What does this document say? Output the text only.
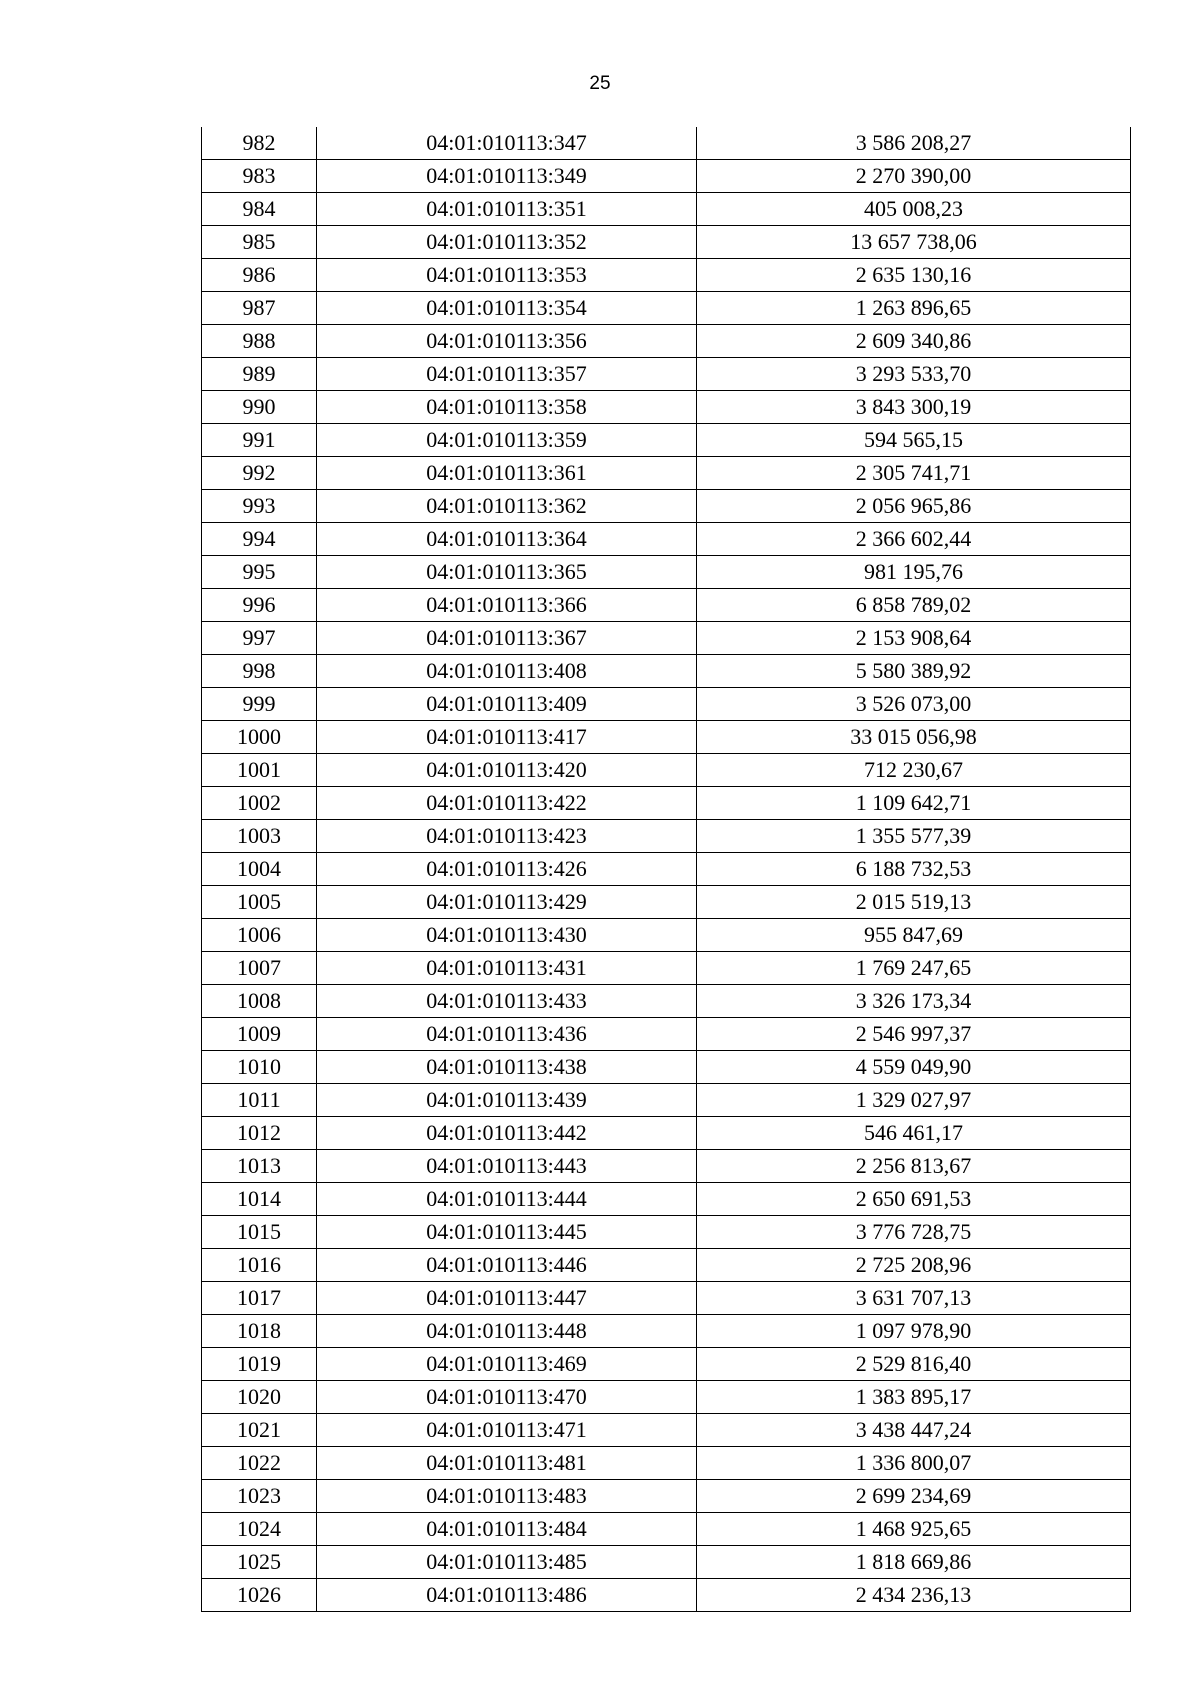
25
982	04:01:010113:347	3 586 208,27
983	04:01:010113:349	2 270 390,00
984	04:01:010113:351	405 008,23
985	04:01:010113:352	13 657 738,06
986	04:01:010113:353	2 635 130,16
987	04:01:010113:354	1 263 896,65
988	04:01:010113:356	2 609 340,86
989	04:01:010113:357	3 293 533,70
990	04:01:010113:358	3 843 300,19
991	04:01:010113:359	594 565,15
992	04:01:010113:361	2 305 741,71
993	04:01:010113:362	2 056 965,86
994	04:01:010113:364	2 366 602,44
995	04:01:010113:365	981 195,76
996	04:01:010113:366	6 858 789,02
997	04:01:010113:367	2 153 908,64
998	04:01:010113:408	5 580 389,92
999	04:01:010113:409	3 526 073,00
1000	04:01:010113:417	33 015 056,98
1001	04:01:010113:420	712 230,67
1002	04:01:010113:422	1 109 642,71
1003	04:01:010113:423	1 355 577,39
1004	04:01:010113:426	6 188 732,53
1005	04:01:010113:429	2 015 519,13
1006	04:01:010113:430	955 847,69
1007	04:01:010113:431	1 769 247,65
1008	04:01:010113:433	3 326 173,34
1009	04:01:010113:436	2 546 997,37
1010	04:01:010113:438	4 559 049,90
1011	04:01:010113:439	1 329 027,97
1012	04:01:010113:442	546 461,17
1013	04:01:010113:443	2 256 813,67
1014	04:01:010113:444	2 650 691,53
1015	04:01:010113:445	3 776 728,75
1016	04:01:010113:446	2 725 208,96
1017	04:01:010113:447	3 631 707,13
1018	04:01:010113:448	1 097 978,90
1019	04:01:010113:469	2 529 816,40
1020	04:01:010113:470	1 383 895,17
1021	04:01:010113:471	3 438 447,24
1022	04:01:010113:481	1 336 800,07
1023	04:01:010113:483	2 699 234,69
1024	04:01:010113:484	1 468 925,65
1025	04:01:010113:485	1 818 669,86
1026	04:01:010113:486	2 434 236,13
